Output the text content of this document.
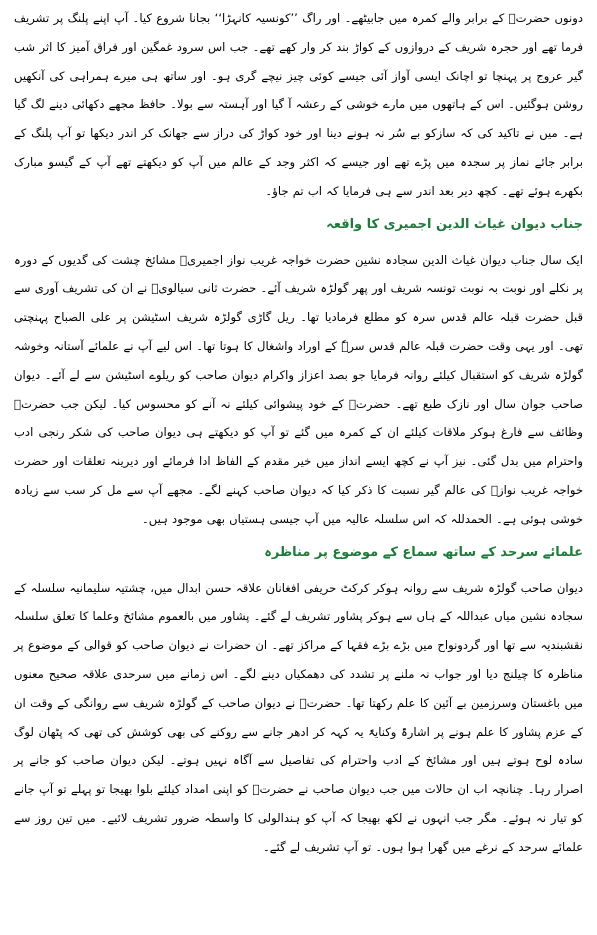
دونوں حضرتؒ کے برابر والے کمرہ میں جابیٹھے۔ اور راگ ’’کونسیہ کانہڑا‘‘ بجانا شروع کیا۔ آپ اپنے پلنگ پر تشریف فرما تھے اور حجرہ شریف کے دروازوں کے کواڑ بند کر وار کھے تھے۔ جب اس سرود غمگین اور فراق آمیز کا اثر شب گیر عروج پر پہنچا تو اچانک ایسی آواز آئی جیسے کوئی چیز نیچے گری ہو۔ اور ساتھ ہی میرے ہمراہی کی آنکھیں روشن ہوگئیں۔ اس کے ہاتھوں میں مارے خوشی کے رعشہ آ گیا اور آہستہ سے بولا۔ حافظ مجھے دکھائی دینے لگ گیا ہے۔ میں نے تاکید کی کہ سازکو بے سُر نہ ہونے دینا اور خود کواڑ کی دراز سے جھانک کر اندر دیکھا تو آپ پلنگ کے برابر جائے نماز پر سجدہ میں پڑے تھے اور جیسے کہ اکثر وجد کے عالم میں آپ کو دیکھتے تھے آپ کے گیسو مبارک بکھرے ہوئے تھے۔ کچھ دیر بعد اندر سے ہی فرمایا کہ اب تم جاؤ۔

جناب دیوان غیاث الدین اجمیری کا واقعہ

ایک سال جناب دیوان غیاث الدین سجادہ نشین حضرت خواجہ غریب نواز اجمیریؒ مشائخ چشت کی گدیوں کے دورہ پر نکلے اور نوبت بہ نوبت تونسہ شریف اور پھر گولڑہ شریف آئے۔ حضرت ثانی سیالویؒ نے ان کی تشریف آوری سے قبل حضرت قبلہ عالم قدس سرہ کو مطلع فرمادیا تھا۔ ریل گاڑی گولڑہ شریف اسٹیشن پر علی الصباح پہنچتی تھی۔ اور یہی وقت حضرت قبلہ عالم قدس سرہٗ کے اوراد واشغال کا ہوتا تھا۔ اس لیے آپ نے علمائے آستانہ وخوشہ گولڑہ شریف کو استقبال کیلئے روانہ فرمایا جو بصد اعزاز واکرام دیوان صاحب کو ریلوے اسٹیشن سے لے آئے۔ دیوان صاحب جوان سال اور نازک طبع تھے۔ حضرتؒ کے خود پیشوائی کیلئے نہ آنے کو محسوس کیا۔ لیکن جب حضرتؒ وظائف سے فارغ ہوکر ملاقات کیلئے ان کے کمرہ میں گئے تو آپ کو دیکھتے ہی دیوان صاحب کی شکر رنجی ادب واحترام میں بدل گئی۔ نیز آپ نے کچھ ایسے انداز میں خیر مقدم کے الفاظ ادا فرمائے اور دیرینہ تعلقات اور حضرت خواجہ غریب نوازؒ کی عالم گیر نسبت کا ذکر کیا کہ دیوان صاحب کہنے لگے۔ مجھے آپ سے مل کر سب سے زیادہ خوشی ہوئی ہے۔ الحمدللہ کہ اس سلسلہ عالیہ میں آپ جیسی ہستیاں بھی موجود ہیں۔

علمائے سرحد کے ساتھ سماع کے موضوع پر مناظرہ

دیوان صاحب گولڑہ شریف سے روانہ ہوکر کرکٹ حریفی افغانان علاقہ حسن ابدال میں، چشتیہ سلیمانیہ سلسلہ کے سجادہ نشین میاں عبداللہ کے ہاں سے ہوکر پشاور تشریف لے گئے۔ پشاور میں بالعموم مشائخ وعلما کا تعلق سلسلہ نقشبندیہ سے تھا اور گردونواح میں بڑے بڑے فقہا کے مراکز تھے۔ ان حضرات نے دیوان صاحب کو قوالی کے موضوع پر مناظرہ کا چیلنج دیا اور جواب نہ ملنے پر تشدد کی دھمکیاں دینے لگے۔ اس زمانے میں سرحدی علاقہ صحیح معنوں میں باغستان وسرزمین بے آئین کا علم رکھتا تھا۔ حضرتؒ نے دیوان صاحب کے گولڑہ شریف سے روانگی کے وقت ان کے عزم پشاور کا علم ہونے پر اشارۃً وکنایۃً یہ کہہ کر ادھر جانے سے روکنے کی بھی کوشش کی تھی کہ پٹھان لوگ سادہ لوح ہوتے ہیں اور مشائخ کے ادب واحترام کی تفاصیل سے آگاہ نہیں ہوتے۔ لیکن دیوان صاحب کو جانے پر اصرار رہا۔ چنانچہ اب ان حالات میں جب دیوان صاحب نے حضرتؒ کو اپنی امداد کیلئے بلوا بھیجا تو پہلے تو آپ جانے کو تیار نہ ہوئے۔ مگر جب انہوں نے لکھ بھیجا کہ آپ کو ہندالولی کا واسطہ ضرور تشریف لائیے۔ میں تین روز سے علمائے سرحد کے نرغے میں گھرا ہوا ہوں۔ تو آپ تشریف لے گئے۔
